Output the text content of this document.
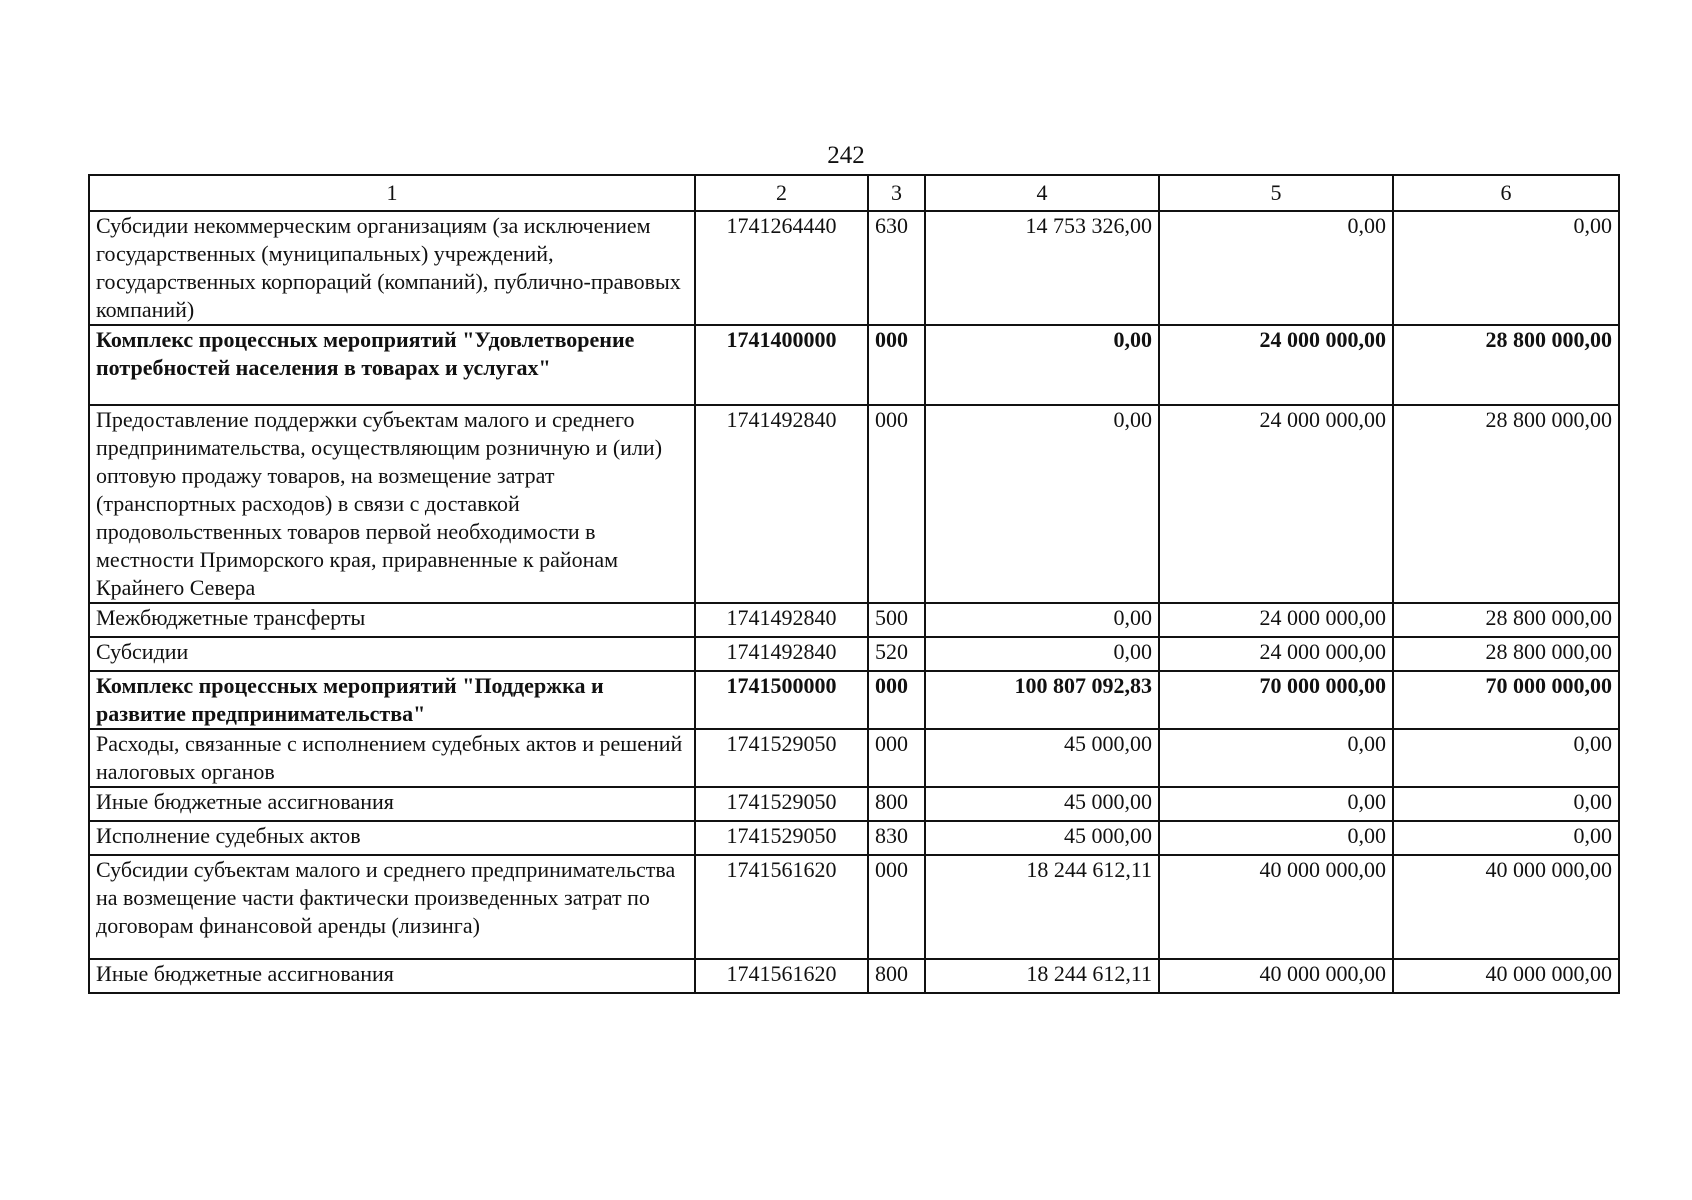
242
1	2	3	4	5	6
Субсидии некоммерческим организациям (за исключением государственных (муниципальных) учреждений, государственных корпораций (компаний), публично-правовых компаний)	1741264440	630	14 753 326,00	0,00	0,00
Комплекс процессных мероприятий "Удовлетворение потребностей населения в товарах и услугах"	1741400000	000	0,00	24 000 000,00	28 800 000,00
Предоставление поддержки субъектам малого и среднего предпринимательства, осуществляющим розничную и (или) оптовую продажу товаров, на возмещение затрат (транспортных расходов) в связи с доставкой продовольственных товаров первой необходимости в местности Приморского края, приравненные к районам Крайнего Севера	1741492840	000	0,00	24 000 000,00	28 800 000,00
Межбюджетные трансферты	1741492840	500	0,00	24 000 000,00	28 800 000,00
Субсидии	1741492840	520	0,00	24 000 000,00	28 800 000,00
Комплекс процессных мероприятий "Поддержка и развитие предпринимательства"	1741500000	000	100 807 092,83	70 000 000,00	70 000 000,00
Расходы, связанные с исполнением судебных актов и решений налоговых органов	1741529050	000	45 000,00	0,00	0,00
Иные бюджетные ассигнования	1741529050	800	45 000,00	0,00	0,00
Исполнение судебных актов	1741529050	830	45 000,00	0,00	0,00
Субсидии субъектам малого и среднего предпринимательства на возмещение части фактически произведенных затрат по договорам финансовой аренды (лизинга)	1741561620	000	18 244 612,11	40 000 000,00	40 000 000,00
Иные бюджетные ассигнования	1741561620	800	18 244 612,11	40 000 000,00	40 000 000,00
